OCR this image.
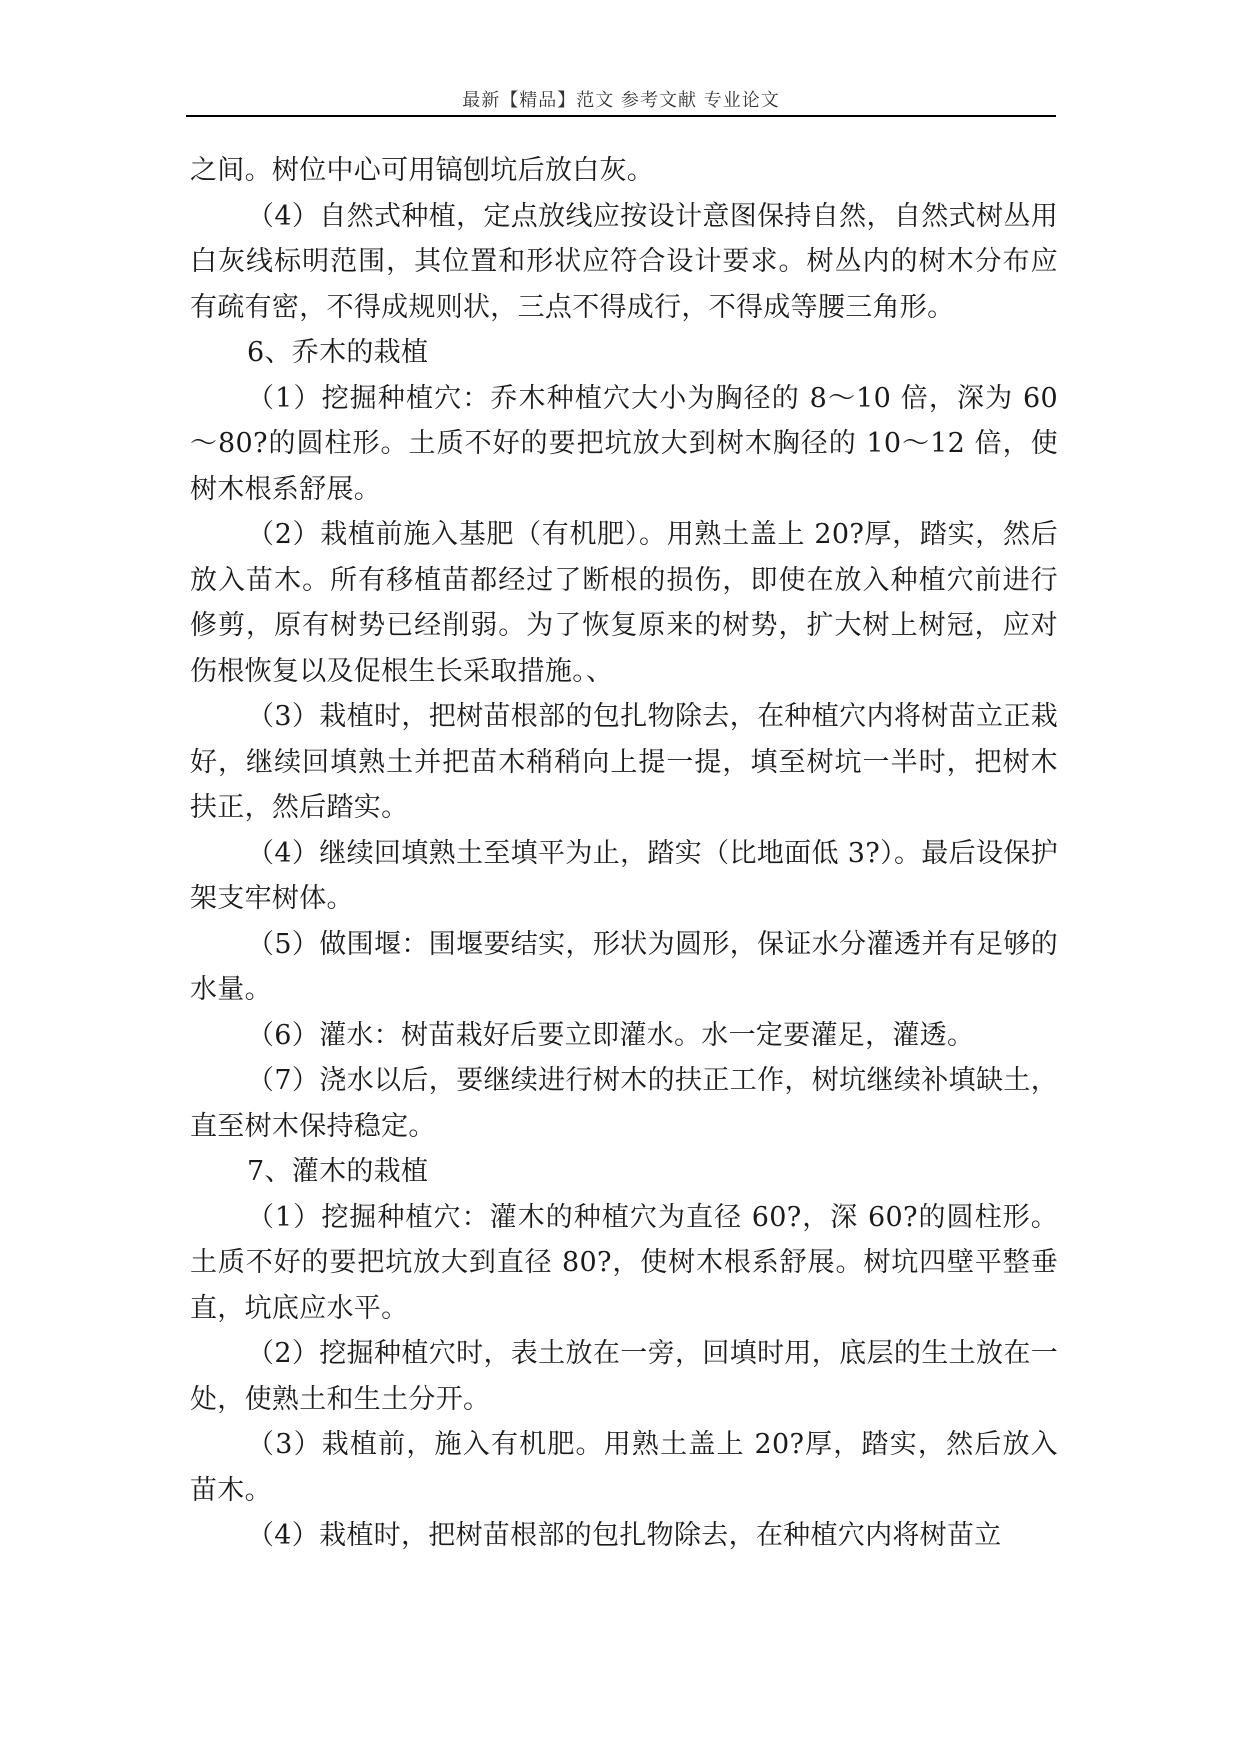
最新【精品】范文 参考文献 专业论文

之间。树位中心可用镐刨坑后放白灰。

（4）自然式种植，定点放线应按设计意图保持自然，自然式树丛用白灰线标明范围，其位置和形状应符合设计要求。树丛内的树木分布应有疏有密，不得成规则状，三点不得成行，不得成等腰三角形。

6、乔木的栽植

（1）挖掘种植穴：乔木种植穴大小为胸径的 8～10 倍，深为 60～80?的圆柱形。土质不好的要把坑放大到树木胸径的 10～12 倍，使树木根系舒展。

（2）栽植前施入基肥（有机肥）。用熟土盖上 20?厚，踏实，然后放入苗木。所有移植苗都经过了断根的损伤，即使在放入种植穴前进行修剪，原有树势已经削弱。为了恢复原来的树势，扩大树上树冠，应对伤根恢复以及促根生长采取措施。、

（3）栽植时，把树苗根部的包扎物除去，在种植穴内将树苗立正栽好，继续回填熟土并把苗木稍稍向上提一提，填至树坑一半时，把树木扶正，然后踏实。

（4）继续回填熟土至填平为止，踏实（比地面低 3?）。最后设保护架支牢树体。

（5）做围堰：围堰要结实，形状为圆形，保证水分灌透并有足够的水量。

（6）灌水：树苗栽好后要立即灌水。水一定要灌足，灌透。

（7）浇水以后，要继续进行树木的扶正工作，树坑继续补填缺土，直至树木保持稳定。

7、灌木的栽植

（1）挖掘种植穴：灌木的种植穴为直径 60?，深 60?的圆柱形。土质不好的要把坑放大到直径 80?，使树木根系舒展。树坑四壁平整垂直，坑底应水平。

（2）挖掘种植穴时，表土放在一旁，回填时用，底层的生土放在一处，使熟土和生土分开。

（3）栽植前，施入有机肥。用熟土盖上 20?厚，踏实，然后放入苗木。

（4）栽植时，把树苗根部的包扎物除去，在种植穴内将树苗立
